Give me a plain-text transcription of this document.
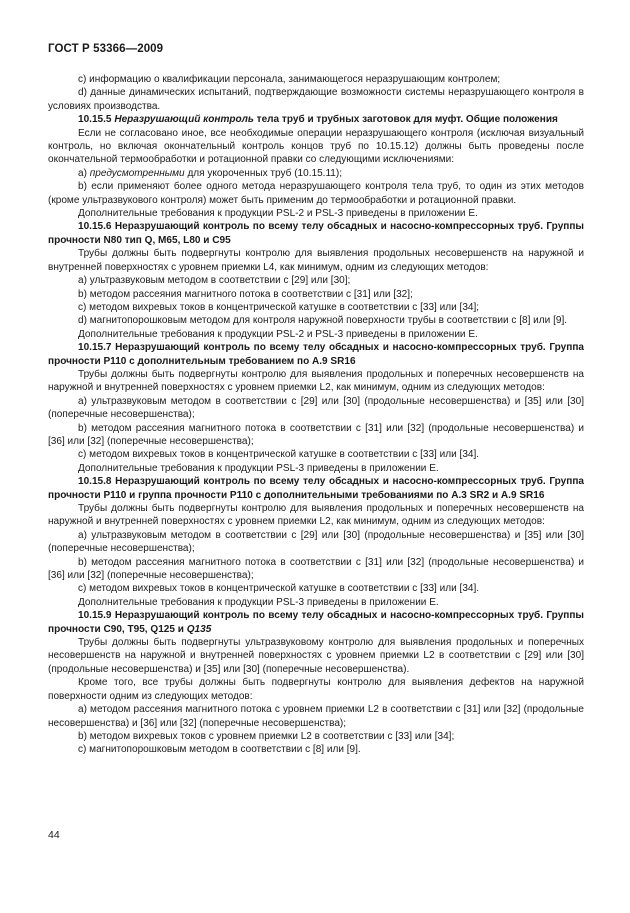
ГОСТ Р 53366—2009

c) информацию о квалификации персонала, занимающегося неразрушающим контролем;

d) данные динамических испытаний, подтверждающие возможности системы неразрушающего контроля в условиях производства.

10.15.5 Неразрушающий контроль тела труб и трубных заготовок для муфт. Общие положения

Если не согласовано иное, все необходимые операции неразрушающего контроля (исключая визуальный контроль, но включая окончательный контроль концов труб по 10.15.12) должны быть проведены после окончательной термообработки и ротационной правки со следующими исключениями:

a) предусмотренными для укороченных труб (10.15.11);

b) если применяют более одного метода неразрушающего контроля тела труб, то один из этих методов (кроме ультразвукового контроля) может быть применим до термообработки и ротационной правки.

Дополнительные требования к продукции PSL-2 и PSL-3 приведены в приложении E.

10.15.6 Неразрушающий контроль по всему телу обсадных и насосно-компрессорных труб. Группы прочности N80 тип Q, M65, L80 и C95

Трубы должны быть подвергнуты контролю для выявления продольных несовершенств на наружной и внутренней поверхностях с уровнем приемки L4, как минимум, одним из следующих методов:

a) ультразвуковым методом в соответствии с [29] или [30];

b) методом рассеяния магнитного потока в соответствии с [31] или [32];

c) методом вихревых токов в концентрической катушке в соответствии с [33] или [34];

d) магнитопорошковым методом для контроля наружной поверхности трубы в соответствии с [8] или [9].

Дополнительные требования к продукции PSL-2 и PSL-3 приведены в приложении E.

10.15.7 Неразрушающий контроль по всему телу обсадных и насосно-компрессорных труб. Группа прочности P110 с дополнительным требованием по A.9 SR16

Трубы должны быть подвергнуты контролю для выявления продольных и поперечных несовершенств на наружной и внутренней поверхностях с уровнем приемки L2, как минимум, одним из следующих методов:

a) ультразвуковым методом в соответствии с [29] или [30] (продольные несовершенства) и [35] или [30] (поперечные несовершенства);

b) методом рассеяния магнитного потока в соответствии с [31] или [32] (продольные несовершенства) и [36] или [32] (поперечные несовершенства);

c) методом вихревых токов в концентрической катушке в соответствии с [33] или [34].

Дополнительные требования к продукции PSL-3 приведены в приложении E.

10.15.8 Неразрушающий контроль по всему телу обсадных и насосно-компрессорных труб. Группа прочности P110 и группа прочности P110 с дополнительными требованиями по A.3 SR2 и A.9 SR16

Трубы должны быть подвергнуты контролю для выявления продольных и поперечных несовершенств на наружной и внутренней поверхностях с уровнем приемки L2, как минимум, одним из следующих методов:

a) ультразвуковым методом в соответствии с [29] или [30] (продольные несовершенства) и [35] или [30] (поперечные несовершенства);

b) методом рассеяния магнитного потока в соответствии с [31] или [32] (продольные несовершенства) и [36] или [32] (поперечные несовершенства);

c) методом вихревых токов в концентрической катушке в соответствии с [33] или [34].

Дополнительные требования к продукции PSL-3 приведены в приложении E.

10.15.9 Неразрушающий контроль по всему телу обсадных и насосно-компрессорных труб. Группы прочности C90, T95, Q125 и Q135

Трубы должны быть подвергнуты ультразвуковому контролю для выявления продольных и поперечных несовершенств на наружной и внутренней поверхностях с уровнем приемки L2 в соответствии с [29] или [30] (продольные несовершенства) и [35] или [30] (поперечные несовершенства).

Кроме того, все трубы должны быть подвергнуты контролю для выявления дефектов на наружной поверхности одним из следующих методов:

a) методом рассеяния магнитного потока с уровнем приемки L2 в соответствии с [31] или [32] (продольные несовершенства) и [36] или [32] (поперечные несовершенства);

b) методом вихревых токов с уровнем приемки L2 в соответствии с [33] или [34];

c) магнитопорошковым методом в соответствии с [8] или [9].

44
